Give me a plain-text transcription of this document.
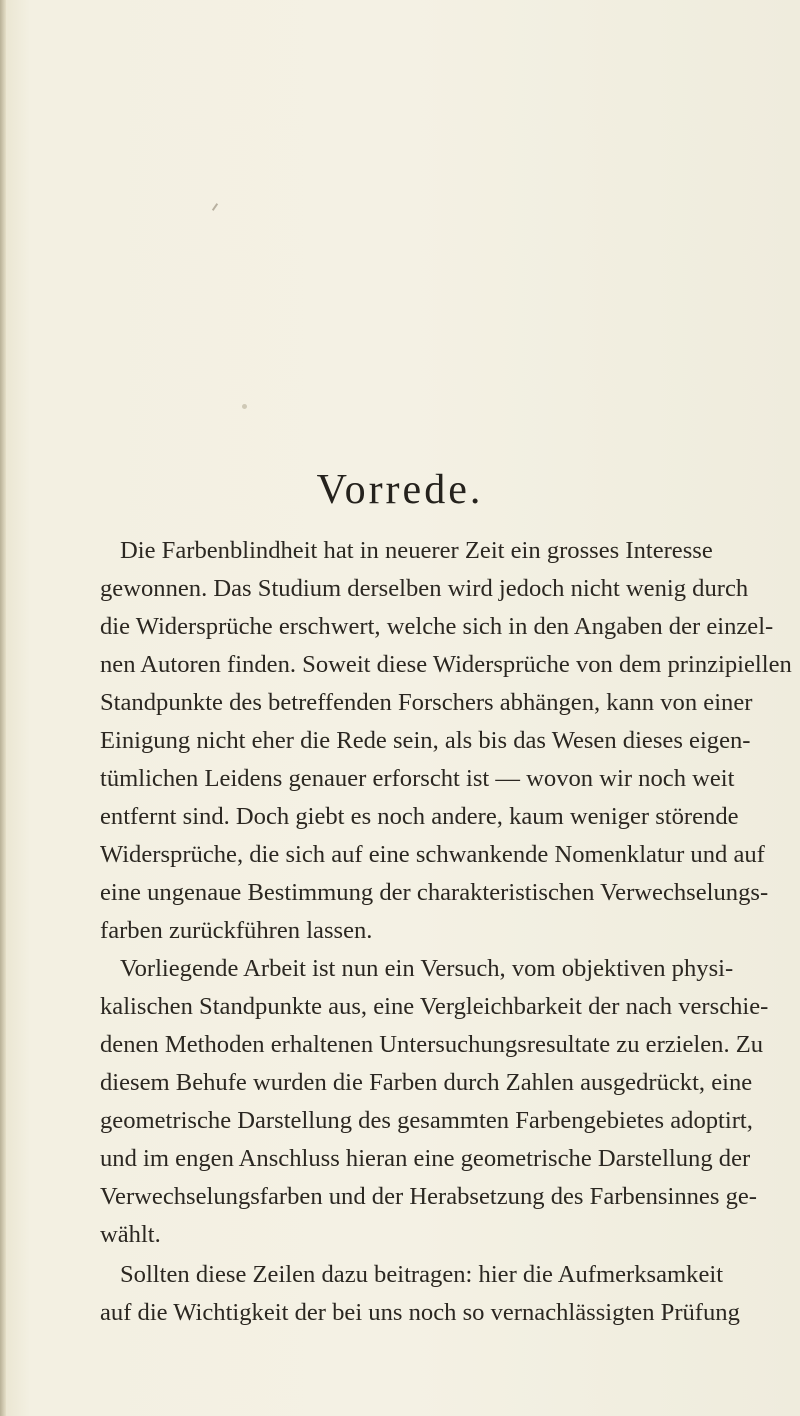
Vorrede.
Die Farbenblindheit hat in neuerer Zeit ein grosses Interesse
gewonnen. Das Studium derselben wird jedoch nicht wenig durch
die Widersprüche erschwert, welche sich in den Angaben der einzel-
nen Autoren finden. Soweit diese Widersprüche von dem prinzipiellen
Standpunkte des betreffenden Forschers abhängen, kann von einer
Einigung nicht eher die Rede sein, als bis das Wesen dieses eigen-
tümlichen Leidens genauer erforscht ist — wovon wir noch weit
entfernt sind. Doch giebt es noch andere, kaum weniger störende
Widersprüche, die sich auf eine schwankende Nomenklatur und auf
eine ungenaue Bestimmung der charakteristischen Verwechselungs-
farben zurückführen lassen.
Vorliegende Arbeit ist nun ein Versuch, vom objektiven physi-
kalischen Standpunkte aus, eine Vergleichbarkeit der nach verschie-
denen Methoden erhaltenen Untersuchungsresultate zu erzielen. Zu
diesem Behufe wurden die Farben durch Zahlen ausgedrückt, eine
geometrische Darstellung des gesammten Farbengebietes adoptirt,
und im engen Anschluss hieran eine geometrische Darstellung der
Verwechselungsfarben und der Herabsetzung des Farbensinnes ge-
wählt.
Sollten diese Zeilen dazu beitragen: hier die Aufmerksamkeit
auf die Wichtigkeit der bei uns noch so vernachlässigten Prüfung
